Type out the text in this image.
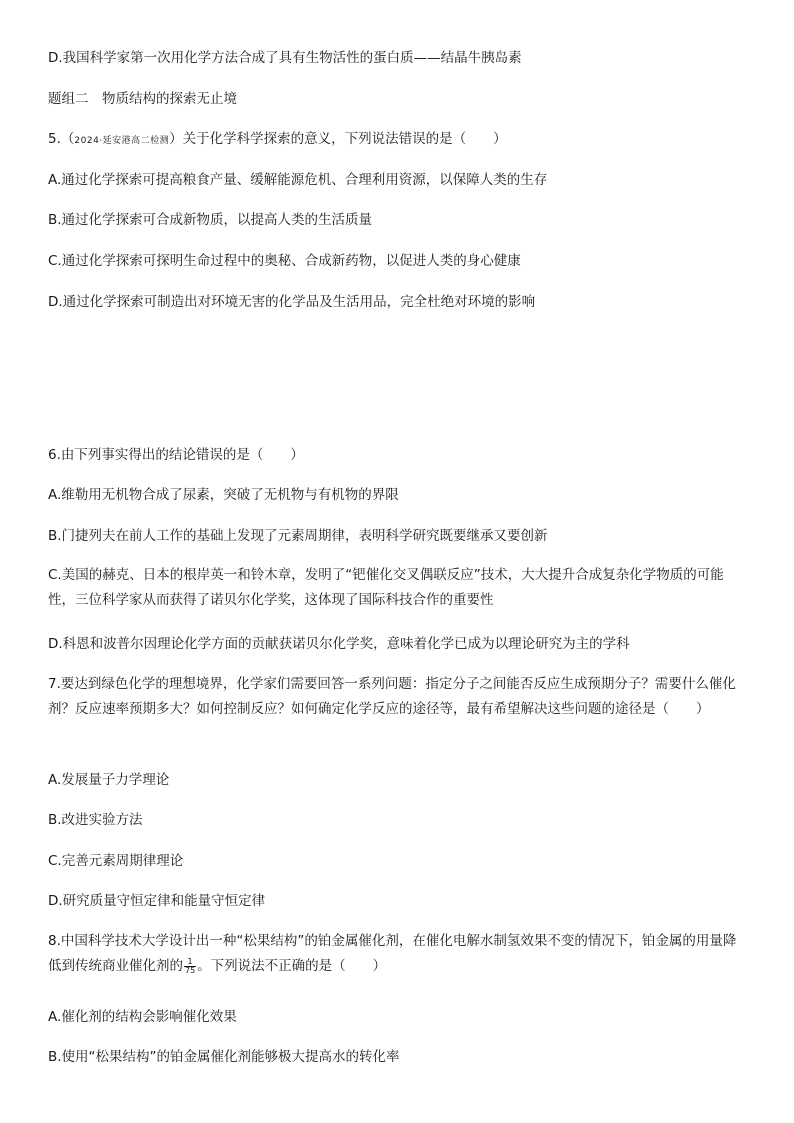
D.我国科学家第一次用化学方法合成了具有生物活性的蛋白质——结晶牛胰岛素
题组二　物质结构的探索无止境
5.（2024·延安港高二检测）关于化学科学探索的意义，下列说法错误的是（　　）
A.通过化学探索可提高粮食产量、缓解能源危机、合理利用资源，以保障人类的生存
B.通过化学探索可合成新物质，以提高人类的生活质量
C.通过化学探索可探明生命过程中的奥秘、合成新药物，以促进人类的身心健康
D.通过化学探索可制造出对环境无害的化学品及生活用品，完全杜绝对环境的影响
6.由下列事实得出的结论错误的是（　　）
A.维勒用无机物合成了尿素，突破了无机物与有机物的界限
B.门捷列夫在前人工作的基础上发现了元素周期律，表明科学研究既要继承又要创新
C.美国的赫克、日本的根岸英一和铃木章，发明了“钯催化交叉偶联反应”技术，大大提升合成复杂化学物质的可能性，三位科学家从而获得了诺贝尔化学奖，这体现了国际科技合作的重要性
D.科恩和波普尔因理论化学方面的贡献获诺贝尔化学奖，意味着化学已成为以理论研究为主的学科
7.要达到绿色化学的理想境界，化学家们需要回答一系列问题：指定分子之间能否反应生成预期分子？需要什么催化剂？反应速率预期多大？如何控制反应？如何确定化学反应的途径等，最有希望解决这些问题的途径是（　　）
A.发展量子力学理论
B.改进实验方法
C.完善元素周期律理论
D.研究质量守恒定律和能量守恒定律
8.中国科学技术大学设计出一种“松果结构”的铂金属催化剂，在催化电解水制氢效果不变的情况下，铂金属的用量降低到传统商业催化剂的 $\frac{1}{75}$ 。下列说法不正确的是（　　）
A.催化剂的结构会影响催化效果
B.使用“松果结构”的铂金属催化剂能够极大提高水的转化率
